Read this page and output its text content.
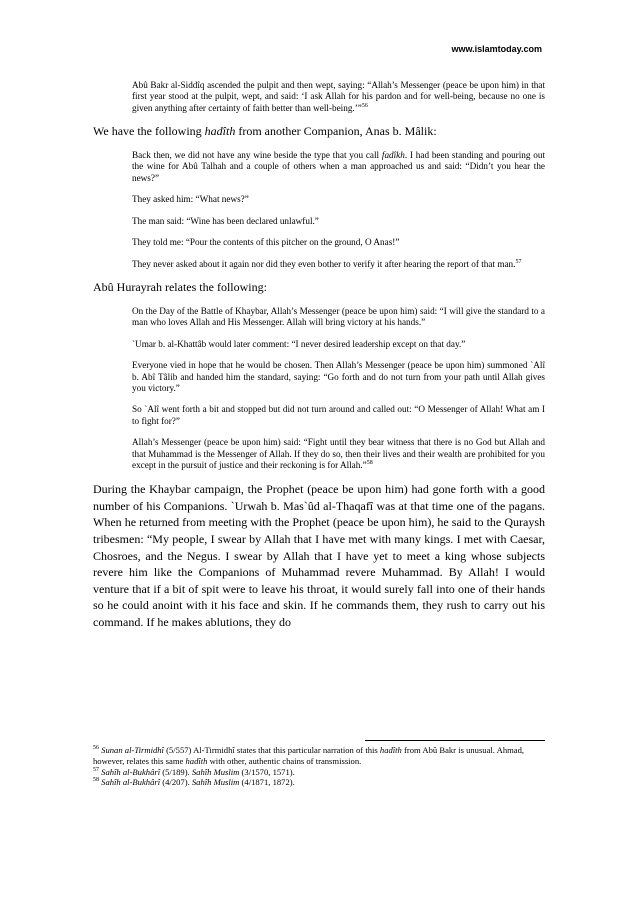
www.islamtoday.com

Abû Bakr al-Siddîq ascended the pulpit and then wept, saying: “Allah’s Messenger (peace be upon him) in that first year stood at the pulpit, wept, and said: ‘I ask Allah for his pardon and for well-being, because no one is given anything after certainty of faith better than well-being.’”$^{56}$

We have the following hadîth from another Companion, Anas b. Mâlik:

Back then, we did not have any wine beside the type that you call fadîkh. I had been standing and pouring out the wine for Abû Talhah and a couple of others when a man approached us and said: “Didn’t you hear the news?”

They asked him: “What news?”

The man said: “Wine has been declared unlawful.”

They told me: “Pour the contents of this pitcher on the ground, O Anas!”

They never asked about it again nor did they even bother to verify it after hearing the report of that man.$^{57}$

Abû Hurayrah relates the following:

On the Day of the Battle of Khaybar, Allah’s Messenger (peace be upon him) said: “I will give the standard to a man who loves Allah and His Messenger. Allah will bring victory at his hands.”

`Umar b. al-Khattâb would later comment: “I never desired leadership except on that day.”

Everyone vied in hope that he would be chosen. Then Allah’s Messenger (peace be upon him) summoned `Alî b. Abî Tâlib and handed him the standard, saying: “Go forth and do not turn from your path until Allah gives you victory.”

So `Alî went forth a bit and stopped but did not turn around and called out: “O Messenger of Allah! What am I to fight for?”

Allah’s Messenger (peace be upon him) said: “Fight until they bear witness that there is no God but Allah and that Muhammad is the Messenger of Allah. If they do so, then their lives and their wealth are prohibited for you except in the pursuit of justice and their reckoning is for Allah.”$^{58}$

During the Khaybar campaign, the Prophet (peace be upon him) had gone forth with a good number of his Companions. `Urwah b. Mas`ûd al-Thaqafî was at that time one of the pagans. When he returned from meeting with the Prophet (peace be upon him), he said to the Quraysh tribesmen: “My people, I swear by Allah that I have met with many kings. I met with Caesar, Chosroes, and the Negus. I swear by Allah that I have yet to meet a king whose subjects revere him like the Companions of Muhammad revere Muhammad. By Allah! I would venture that if a bit of spit were to leave his throat, it would surely fall into one of their hands so he could anoint with it his face and skin. If he commands them, they rush to carry out his command. If he makes ablutions, they do

$^{56}$ Sunan al-Tirmidhî (5/557) Al-Tirmidhî states that this particular narration of this hadîth from Abû Bakr is unusual. Ahmad, however, relates this same hadîth with other, authentic chains of transmission.

$^{57}$ Sahîh al-Bukhârî (5/189). Sahîh Muslim (3/1570, 1571).

$^{58}$ Sahîh al-Bukhârî (4/207). Sahîh Muslim (4/1871, 1872).
